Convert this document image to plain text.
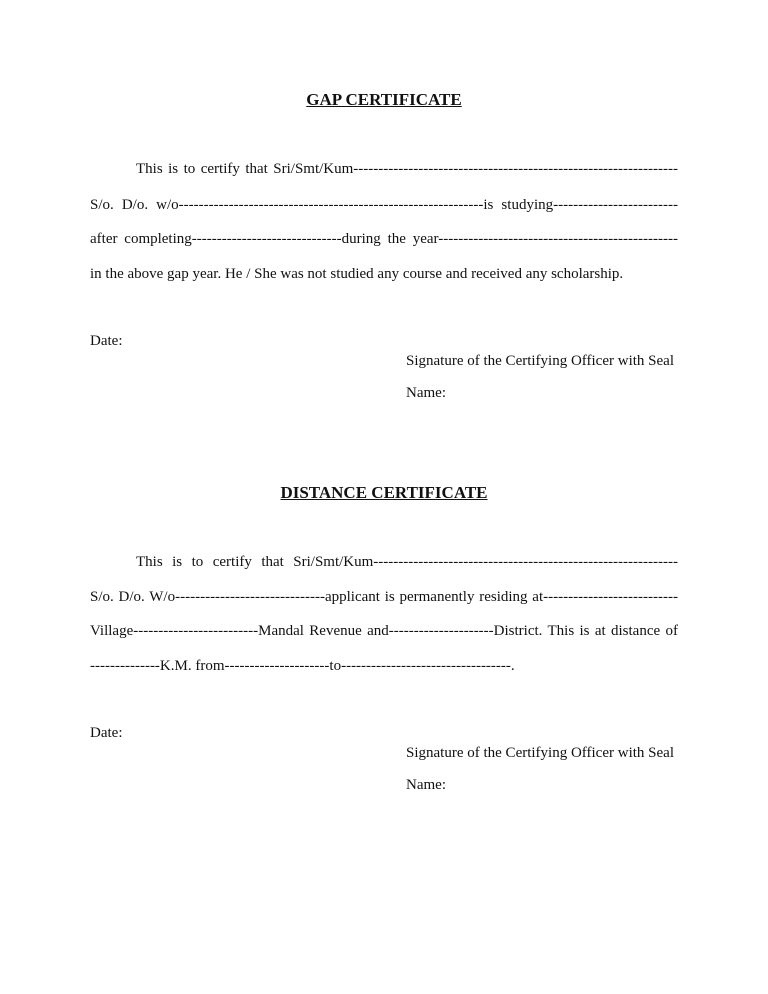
GAP CERTIFICATE
This is to certify that Sri/Smt/Kum-----------------------------------------------------------------
S/o. D/o. w/o-------------------------------------------------------------is studying-------------------------
after completing------------------------------during the year------------------------------------------------
in the above gap year. He / She was not studied any course and received any scholarship.
Date:
Signature of the Certifying Officer with Seal
Name:
DISTANCE CERTIFICATE
This is to certify that Sri/Smt/Kum-------------------------------------------------------------
S/o. D/o. W/o------------------------------applicant is permanently residing at---------------------------
Village-------------------------Mandal Revenue and---------------------District. This is at distance of
--------------K.M. from---------------------to----------------------------------.
Date:
Signature of the Certifying Officer with Seal
Name:
